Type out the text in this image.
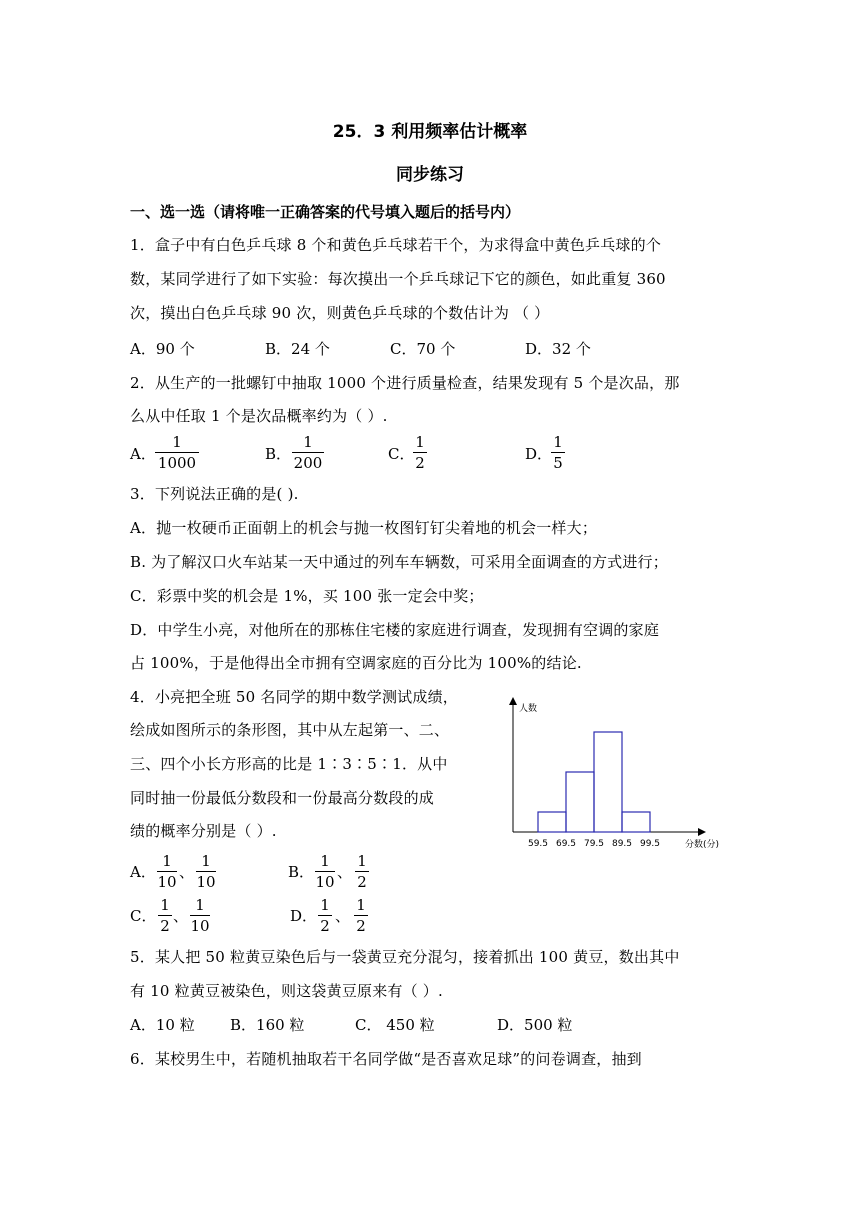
25．3 利用频率估计概率
同步练习
一、选一选（请将唯一正确答案的代号填入题后的括号内）
1．盒子中有白色乒乓球 8 个和黄色乒乓球若干个，为求得盒中黄色乒乓球的个
数，某同学进行了如下实验：每次摸出一个乒乓球记下它的颜色，如此重复 360
次，摸出白色乒乓球 90 次，则黄色乒乓球的个数估计为 （ ）
A．90 个	B．24 个	C．70 个	D．32 个
2．从生产的一批螺钉中抽取 1000 个进行质量检查，结果发现有 5 个是次品，那
么从中任取 1 个是次品概率约为（ ）.
A．
1
1000	B．
1
200	C．
1
2	D．
1
5
3．下列说法正确的是( ).
A．抛一枚硬币正面朝上的机会与抛一枚图钉钉尖着地的机会一样大；
B. 为了解汉口火车站某一天中通过的列车车辆数，可采用全面调查的方式进行；
C．彩票中奖的机会是 1%，买 100 张一定会中奖；
D．中学生小亮，对他所在的那栋住宅楼的家庭进行调查，发现拥有空调的家庭
占 100%，于是他得出全市拥有空调家庭的百分比为 100%的结论.
4．小亮把全班 50 名同学的期中数学测试成绩，
绘成如图所示的条形图，其中从左起第一、二、
三、四个小长方形高的比是 1∶3∶5∶1．从中
同时抽一份最低分数段和一份最高分数段的成
绩的概率分别是（ ）.
A．
1
10
、
1
10
B．
1
10
、
1
2
C．
1
2
、
1
10
D．
1
2
、
1
2
人数
分数(分)
59.5 69.5 79.5 89.5 99.5
5．某人把 50 粒黄豆染色后与一袋黄豆充分混匀，接着抓出 100 黄豆，数出其中
有 10 粒黄豆被染色，则这袋黄豆原来有（ ）.
A．10 粒 B．160 粒	C． 450 粒	D．500 粒
6．某校男生中，若随机抽取若干名同学做“是否喜欢足球”的问卷调查，抽到
